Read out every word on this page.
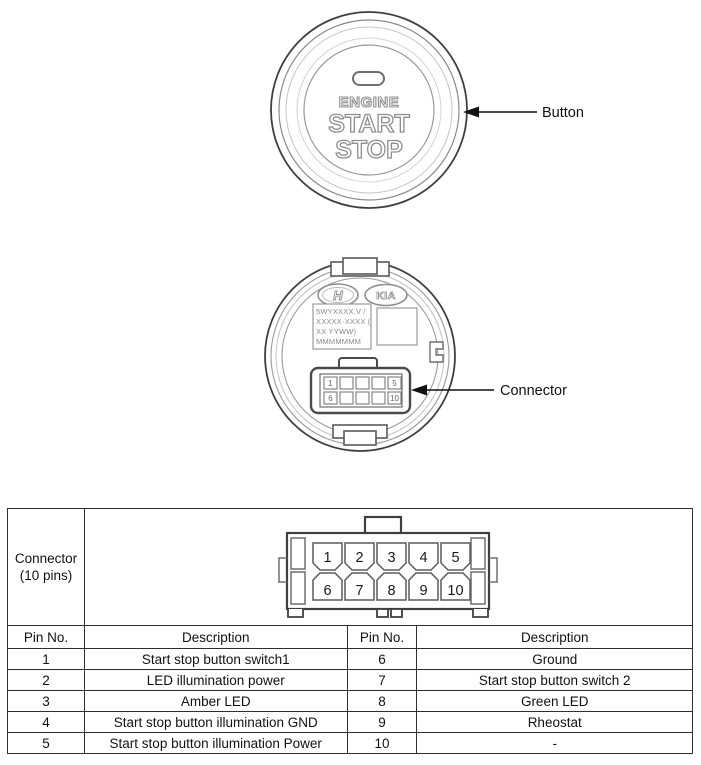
ENGINE
START
STOP
Button
H	KIA
5WYXXXX.V /
XXXXX-XXXX (
XX YYWW)
MMMMMMM
1	5
6	10	Connector
Connector
(10 pins)

1 2 3 4 5
6 7 8 9 10

Pin No.	Description	Pin No.	Description
1	Start stop button switch1	6	Ground
2	LED illumination power	7	Start stop button switch 2
3	Amber LED	8	Green LED
4	Start stop button illumination GND	9	Rheostat
5	Start stop button illumination Power	10	-
